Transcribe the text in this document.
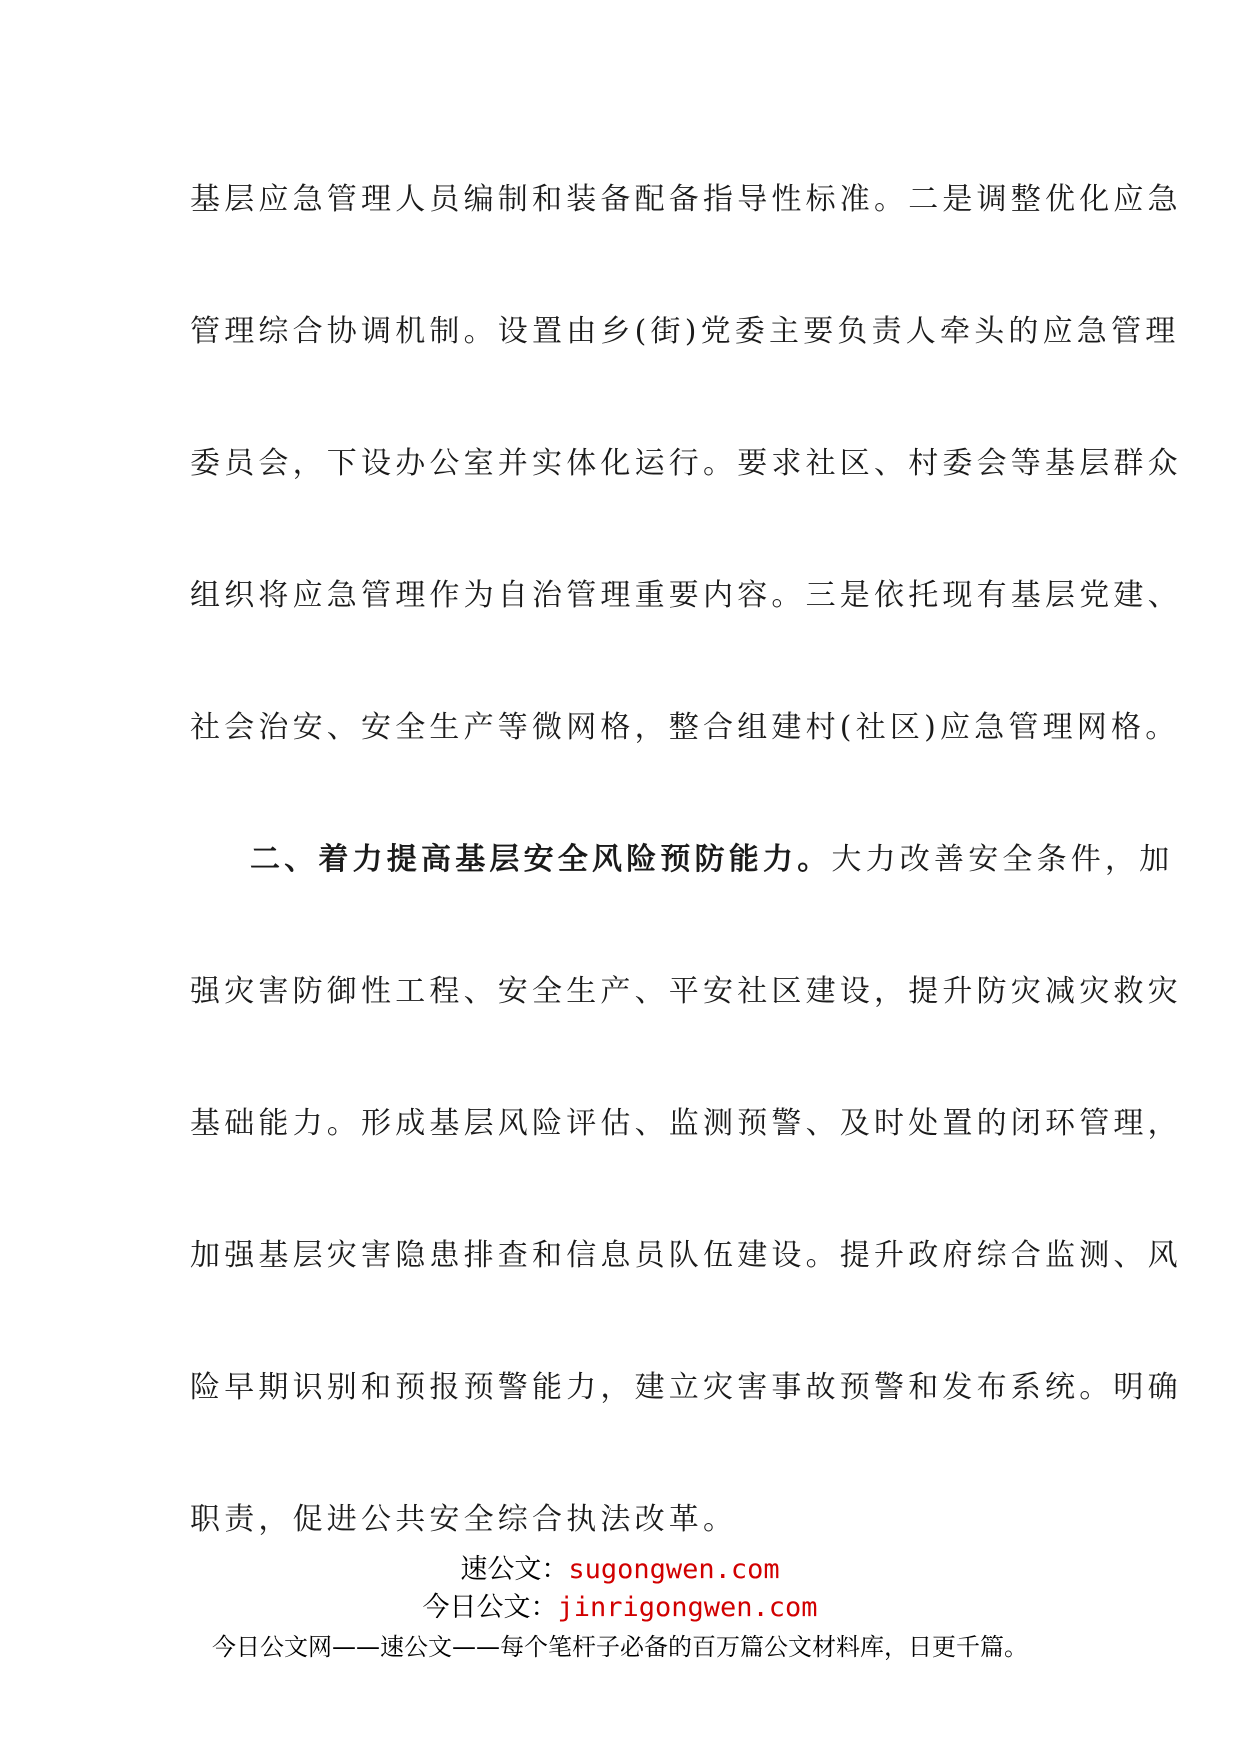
基层应急管理人员编制和装备配备指导性标准。二是调整优化应急
管理综合协调机制。设置由乡(街)党委主要负责人牵头的应急管理
委员会，下设办公室并实体化运行。要求社区、村委会等基层群众
组织将应急管理作为自治管理重要内容。三是依托现有基层党建、
社会治安、安全生产等微网格，整合组建村(社区)应急管理网格。
二、着力提高基层安全风险预防能力。大力改善安全条件，加
强灾害防御性工程、安全生产、平安社区建设，提升防灾减灾救灾
基础能力。形成基层风险评估、监测预警、及时处置的闭环管理，
加强基层灾害隐患排查和信息员队伍建设。提升政府综合监测、风
险早期识别和预报预警能力，建立灾害事故预警和发布系统。明确
职责，促进公共安全综合执法改革。
速公文：sugongwen.com
今日公文：jinrigongwen.com
今日公文网——速公文——每个笔杆子必备的百万篇公文材料库，日更千篇。
